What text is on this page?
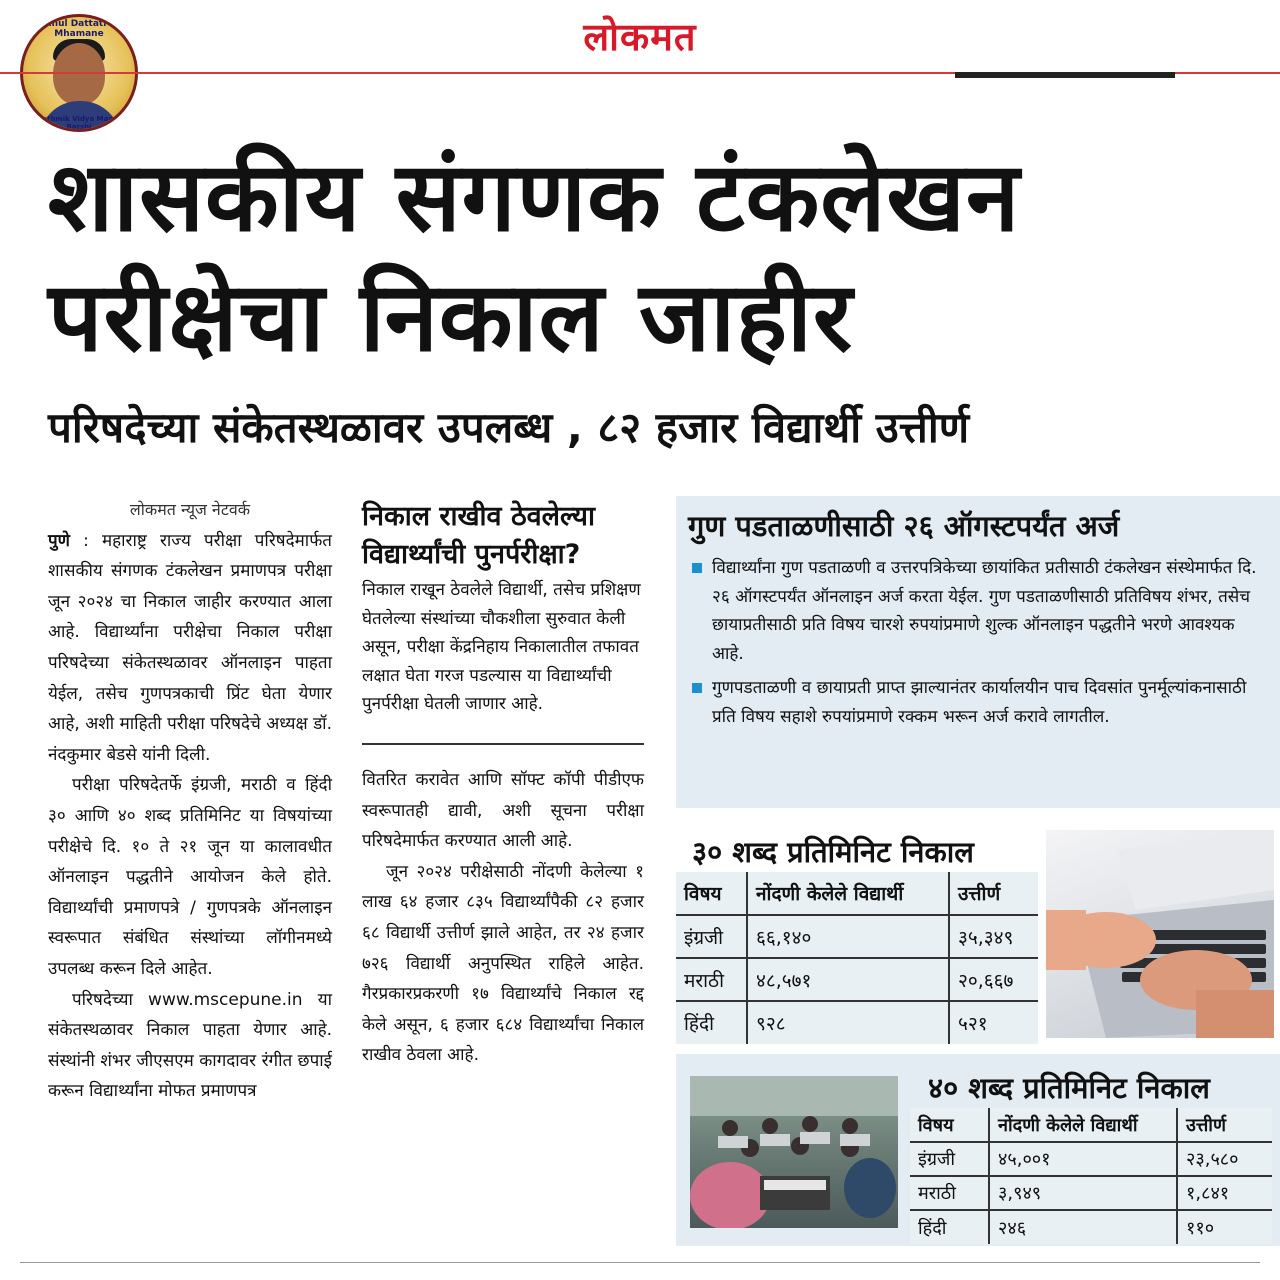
Rahul Dattatray Mhamane
Prathmik Vidya Mandir Barshi
लोकमत
शासकीय संगणक टंकलेखन
परीक्षेचा निकाल जाहीर
परिषदेच्या संकेतस्थळावर उपलब्ध , ८२ हजार विद्यार्थी उत्तीर्ण
लोकमत न्यूज नेटवर्क

पुणे : महाराष्ट्र राज्य परीक्षा परिषदेमार्फत शासकीय संगणक टंकलेखन प्रमाणपत्र परीक्षा जून २०२४ चा निकाल जाहीर करण्यात आला आहे. विद्यार्थ्यांना परीक्षेचा निकाल परीक्षा परिषदेच्या संकेतस्थळावर ऑनलाइन पाहता येईल, तसेच गुणपत्रकाची प्रिंट घेता येणार आहे, अशी माहिती परीक्षा परिषदेचे अध्यक्ष डॉ. नंदकुमार बेडसे यांनी दिली.

परीक्षा परिषदेतर्फे इंग्रजी, मराठी व हिंदी ३० आणि ४० शब्द प्रतिमिनिट या विषयांच्या परीक्षेचे दि. १० ते २१ जून या कालावधीत ऑनलाइन पद्धतीने आयोजन केले होते. विद्यार्थ्यांची प्रमाणपत्रे / गुणपत्रके ऑनलाइन स्वरूपात संबंधित संस्थांच्या लॉगीनमध्ये उपलब्ध करून दिले आहेत.

परिषदेच्या www.mscepune.in या संकेतस्थळावर निकाल पाहता येणार आहे. संस्थांनी शंभर जीएसएम कागदावर रंगीत छपाई करून विद्यार्थ्यांना मोफत प्रमाणपत्र

निकाल राखीव ठेवलेल्या विद्यार्थ्यांची पुनर्परीक्षा?
निकाल राखून ठेवलेले विद्यार्थी, तसेच प्रशिक्षण घेतलेल्या संस्थांच्या चौकशीला सुरुवात केली असून, परीक्षा केंद्रनिहाय निकालातील तफावत लक्षात घेता गरज पडल्यास या विद्यार्थ्यांची पुनर्परीक्षा घेतली जाणार आहे.

वितरित करावेत आणि सॉफ्ट कॉपी पीडीएफ स्वरूपातही द्यावी, अशी सूचना परीक्षा परिषदेमार्फत करण्यात आली आहे.

जून २०२४ परीक्षेसाठी नोंदणी केलेल्या १ लाख ६४ हजार ८३५ विद्यार्थ्यांपैकी ८२ हजार ६८ विद्यार्थी उत्तीर्ण झाले आहेत, तर २४ हजार ७२६ विद्यार्थी अनुपस्थित राहिले आहेत. गैरप्रकारप्रकरणी १७ विद्यार्थ्यांचे निकाल रद्द केले असून, ६ हजार ६८४ विद्यार्थ्यांचा निकाल राखीव ठेवला आहे.

गुण पडताळणीसाठी २६ ऑगस्टपर्यंत अर्ज
विद्यार्थ्यांना गुण पडताळणी व उत्तरपत्रिकेच्या छायांकित प्रतीसाठी टंकलेखन संस्थेमार्फत दि. २६ ऑगस्टपर्यंत ऑनलाइन अर्ज करता येईल. गुण पडताळणीसाठी प्रतिविषय शंभर, तसेच छायाप्रतीसाठी प्रति विषय चारशे रुपयांप्रमाणे शुल्क ऑनलाइन पद्धतीने भरणे आवश्यक आहे.
गुणपडताळणी व छायाप्रती प्राप्त झाल्यानंतर कार्यालयीन पाच दिवसांत पुनर्मूल्यांकनासाठी प्रति विषय सहाशे रुपयांप्रमाणे रक्कम भरून अर्ज करावे लागतील.
३० शब्द प्रतिमिनिट निकाल
विषय	नोंदणी केलेले विद्यार्थी	उत्तीर्ण
इंग्रजी	६६,१४०	३५,३४९
मराठी	४८,५७१	२०,६६७
हिंदी	९२८	५२१
४० शब्द प्रतिमिनिट निकाल
विषय	नोंदणी केलेले विद्यार्थी	उत्तीर्ण
इंग्रजी	४५,००१	२३,५८०
मराठी	३,९४९	१,८४१
हिंदी	२४६	११०
